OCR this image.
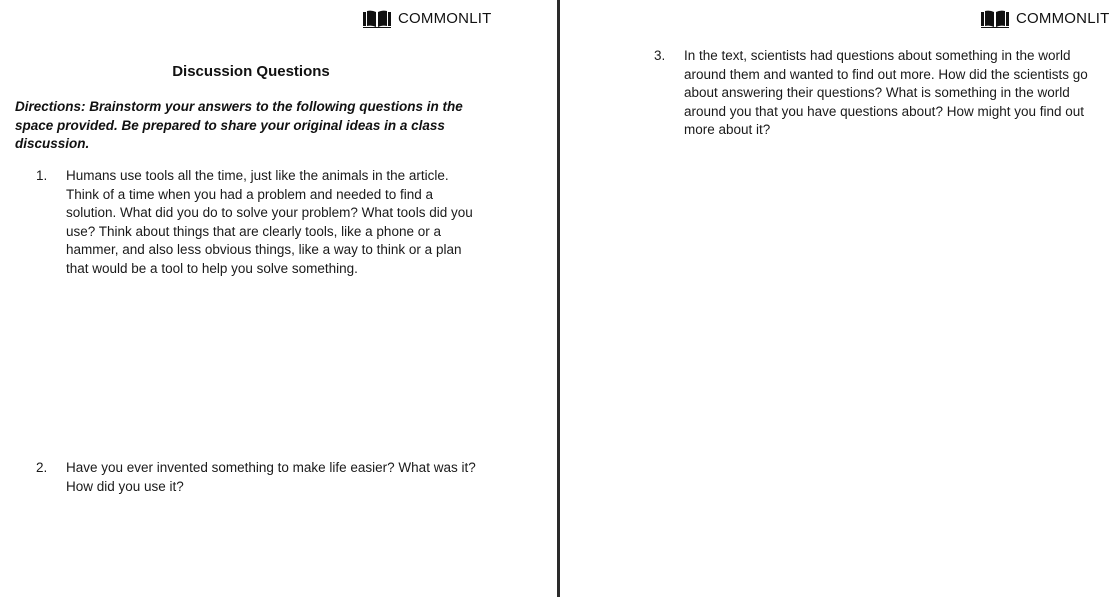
COMMONLIT
Discussion Questions

Directions: Brainstorm your answers to the following questions in the space provided. Be prepared to share your original ideas in a class discussion.

1.	Humans use tools all the time, just like the animals in the article. Think of a time when you had a problem and needed to find a solution. What did you do to solve your problem? What tools did you use? Think about things that are clearly tools, like a phone or a hammer, and also less obvious things, like a way to think or a plan that would be a tool to help you solve something.

2.	Have you ever invented something to make life easier? What was it? How did you use it?

COMMONLIT
3.	In the text, scientists had questions about something in the world around them and wanted to find out more. How did the scientists go about answering their questions? What is something in the world around you that you have questions about? How might you find out more about it?
